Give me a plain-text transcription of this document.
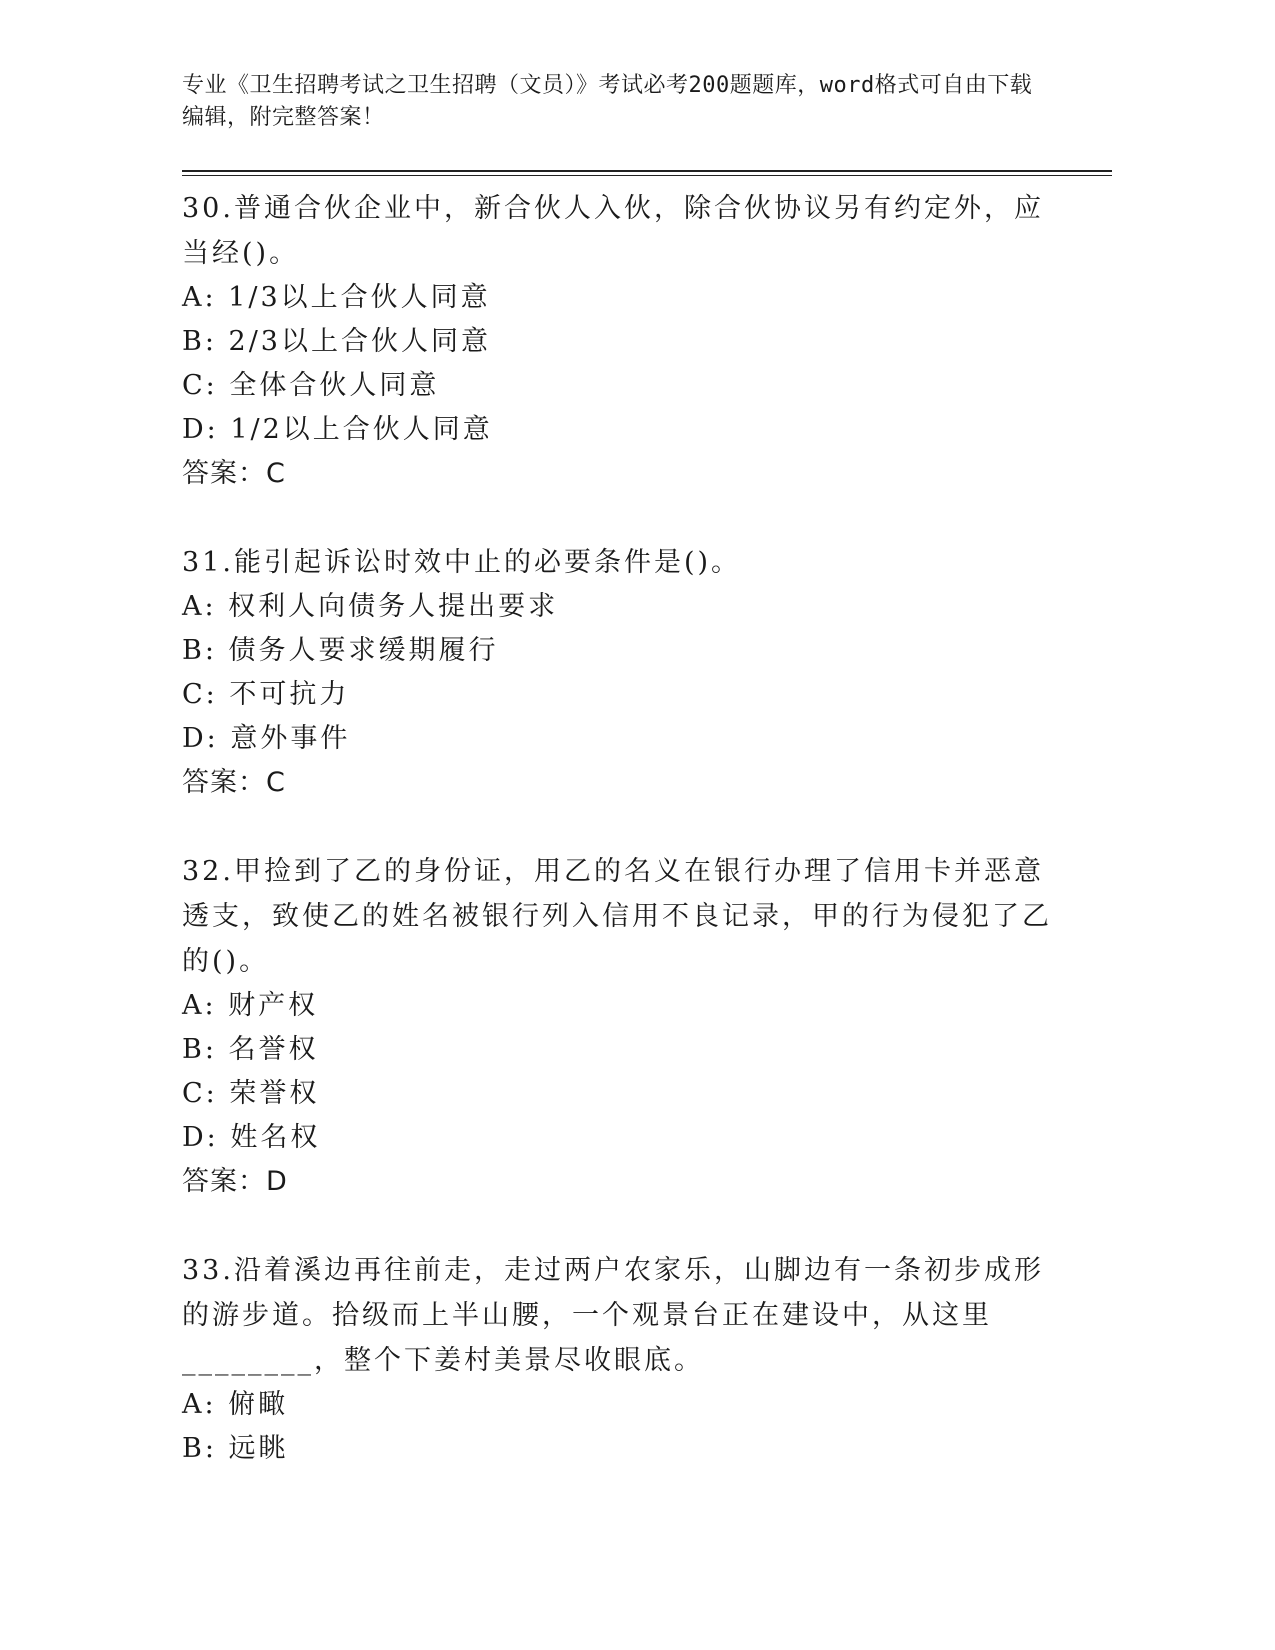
专业《卫生招聘考试之卫生招聘（文员）》考试必考200题题库，word格式可自由下载编辑，附完整答案！
30.普通合伙企业中，新合伙人入伙，除合伙协议另有约定外，应当经()。
A: 1/3以上合伙人同意
B: 2/3以上合伙人同意
C: 全体合伙人同意
D: 1/2以上合伙人同意
答案：C
31.能引起诉讼时效中止的必要条件是()。
A: 权利人向债务人提出要求
B: 债务人要求缓期履行
C: 不可抗力
D: 意外事件
答案：C
32.甲捡到了乙的身份证，用乙的名义在银行办理了信用卡并恶意透支，致使乙的姓名被银行列入信用不良记录，甲的行为侵犯了乙的()。
A: 财产权
B: 名誉权
C: 荣誉权
D: 姓名权
答案：D
33.沿着溪边再往前走，走过两户农家乐，山脚边有一条初步成形的游步道。拾级而上半山腰，一个观景台正在建设中，从这里________，整个下姜村美景尽收眼底。
A: 俯瞰
B: 远眺
